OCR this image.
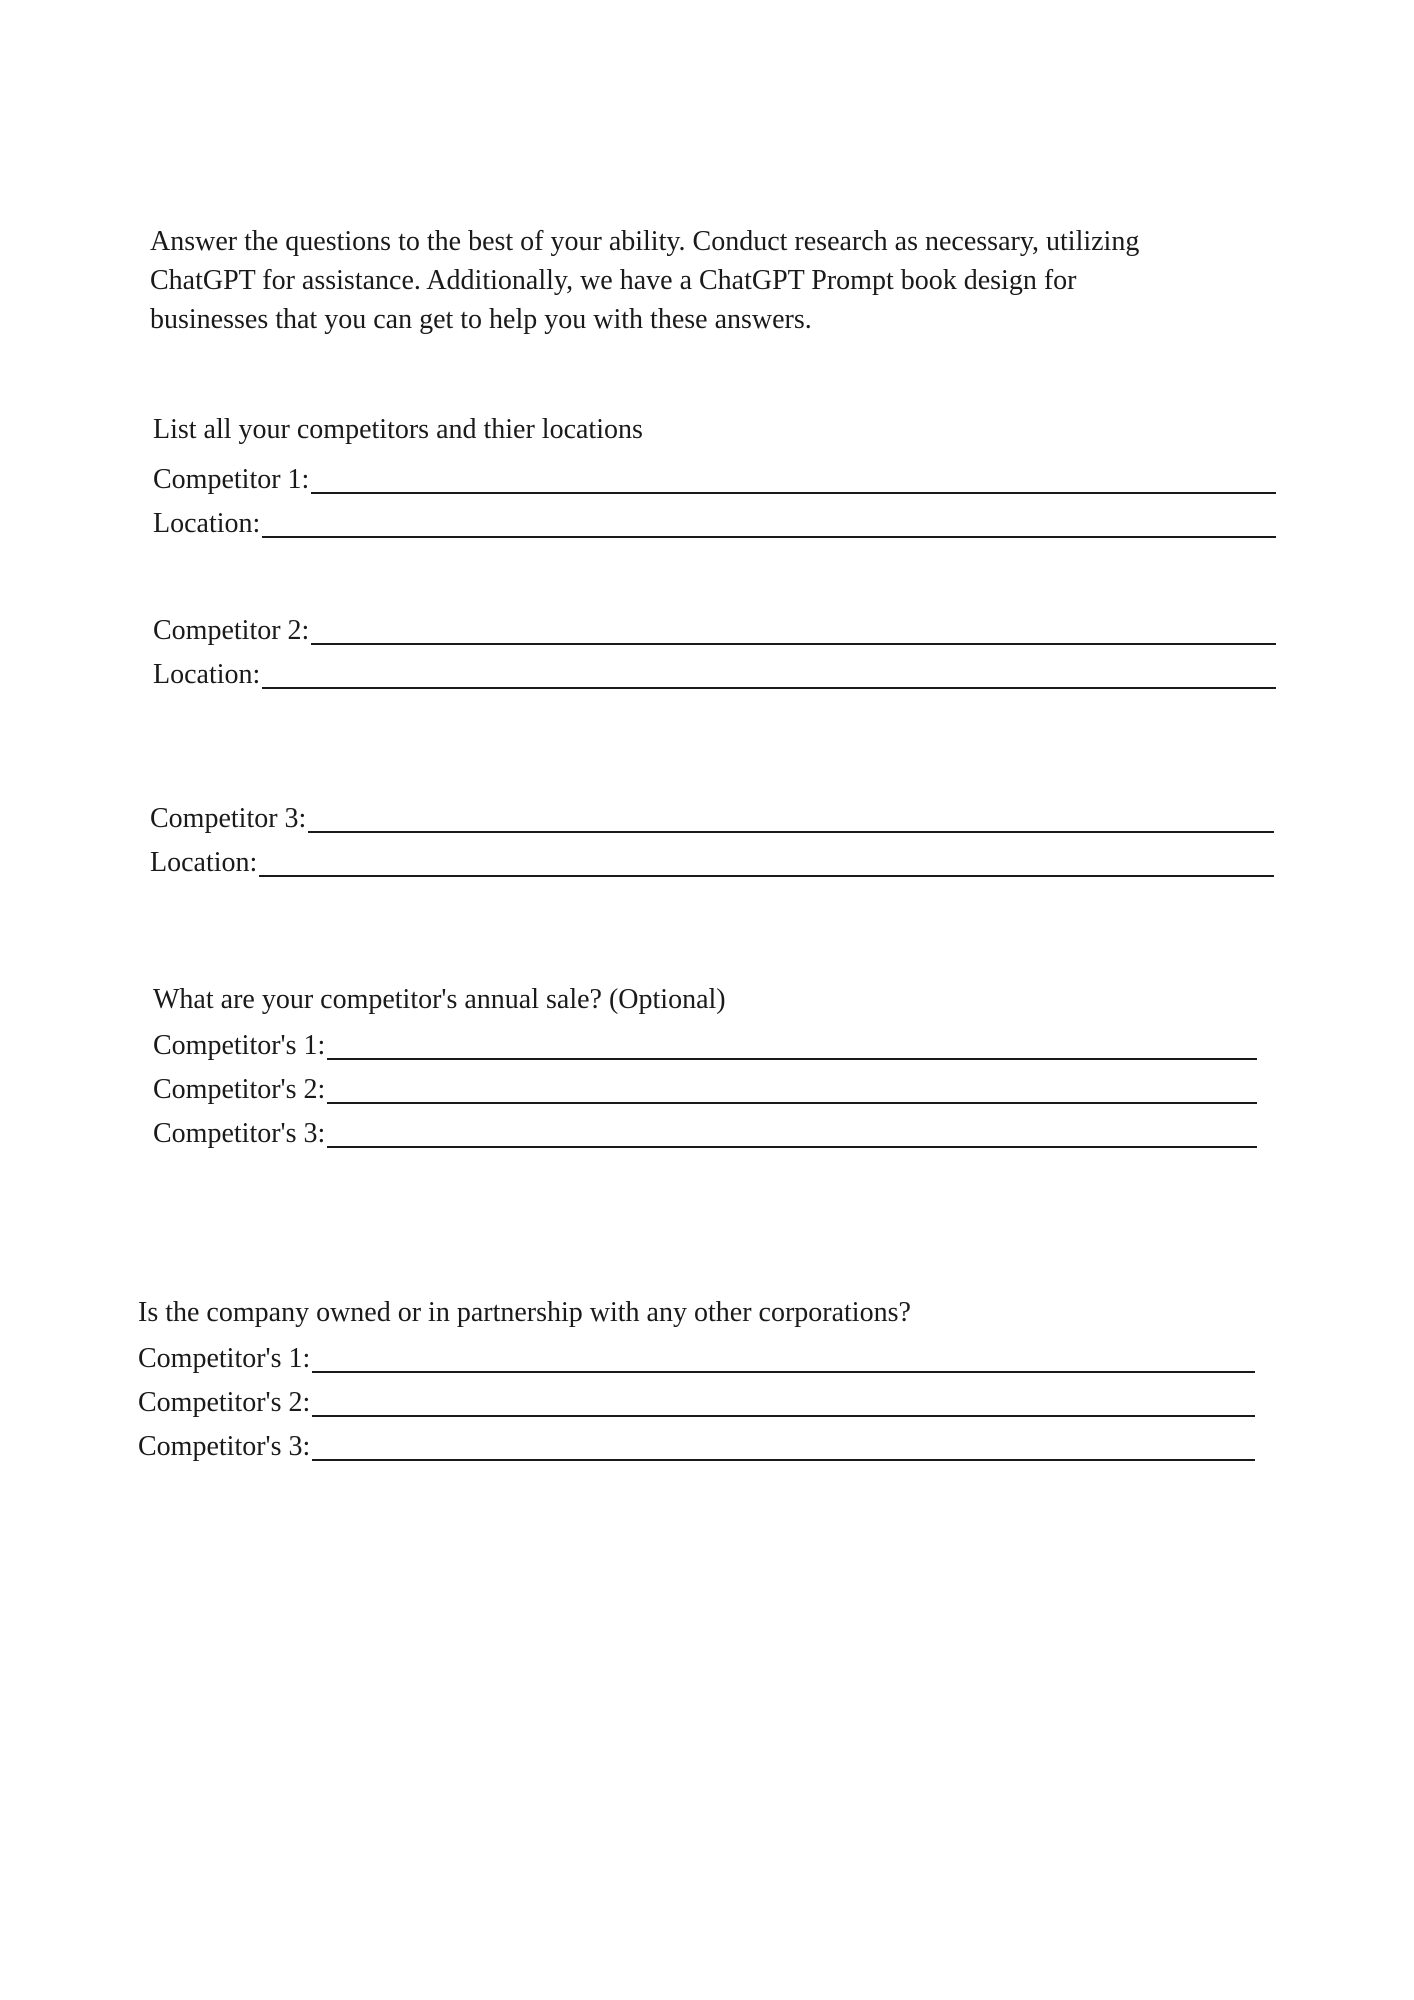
Answer the questions to the best of your ability. Conduct research as necessary, utilizing
ChatGPT for assistance. Additionally, we have a ChatGPT Prompt book design for
businesses that you can get to help you with these answers.

List all your competitors and thier locations
Competitor 1:
Location:
Competitor 2:
Location:
Competitor 3:
Location:
What are your competitor's annual sale? (Optional)
Competitor's 1:
Competitor's 2:
Competitor's 3:
Is the company owned or in partnership with any other corporations?
Competitor's 1:
Competitor's 2:
Competitor's 3:
